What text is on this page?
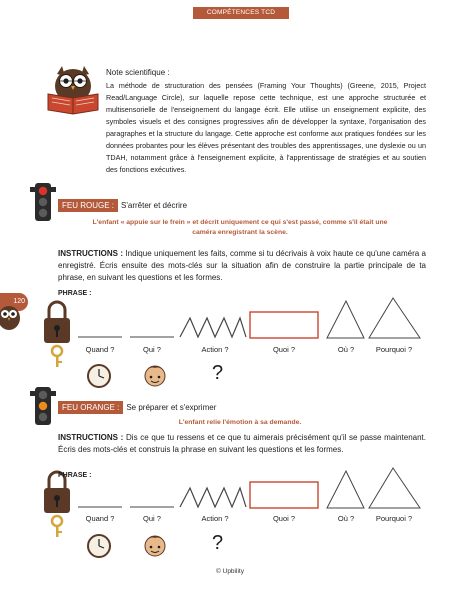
COMPÉTENCES TCD
Note scientifique :
La méthode de structuration des pensées (Framing Your Thoughts) (Greene, 2015, Project Read/Language Circle), sur laquelle repose cette technique, est une approche structurée et multisensorielle de l'enseignement du langage écrit. Elle utilise un enseignement explicite, des symboles visuels et des consignes progressives afin de développer la syntaxe, l'organisation des paragraphes et la structure du langage. Cette approche est conforme aux pratiques fondées sur les données probantes pour les élèves présentant des troubles des apprentissages, une dyslexie ou un TDAH, notamment grâce à l'enseignement explicite, à l'apprentissage de stratégies et au soutien des fonctions exécutives.
120
FEU ROUGE : S'arrêter et décrire
L'enfant « appuie sur le frein » et décrit uniquement ce qui s'est passé, comme s'il était une caméra enregistrant la scène.
INSTRUCTIONS : Indique uniquement les faits, comme si tu décrivais à voix haute ce qu'une caméra a enregistré. Écris ensuite des mots-clés sur la situation afin de construire la partie principale de ta phrase, en suivant les questions et les formes.
PHRASE :
Quand ?	Qui ?	Action ?	Quoi ?	Où ?	Pourquoi ?
?
FEU ORANGE : Se préparer et s'exprimer
L'enfant relie l'émotion à sa demande.
INSTRUCTIONS : Dis ce que tu ressens et ce que tu aimerais précisément qu'il se passe maintenant. Écris des mots-clés et construis la phrase en suivant les questions et les formes.
PHRASE :
Quand ?	Qui ?	Action ?	Quoi ?	Où ?	Pourquoi ?
?
© Upbility
